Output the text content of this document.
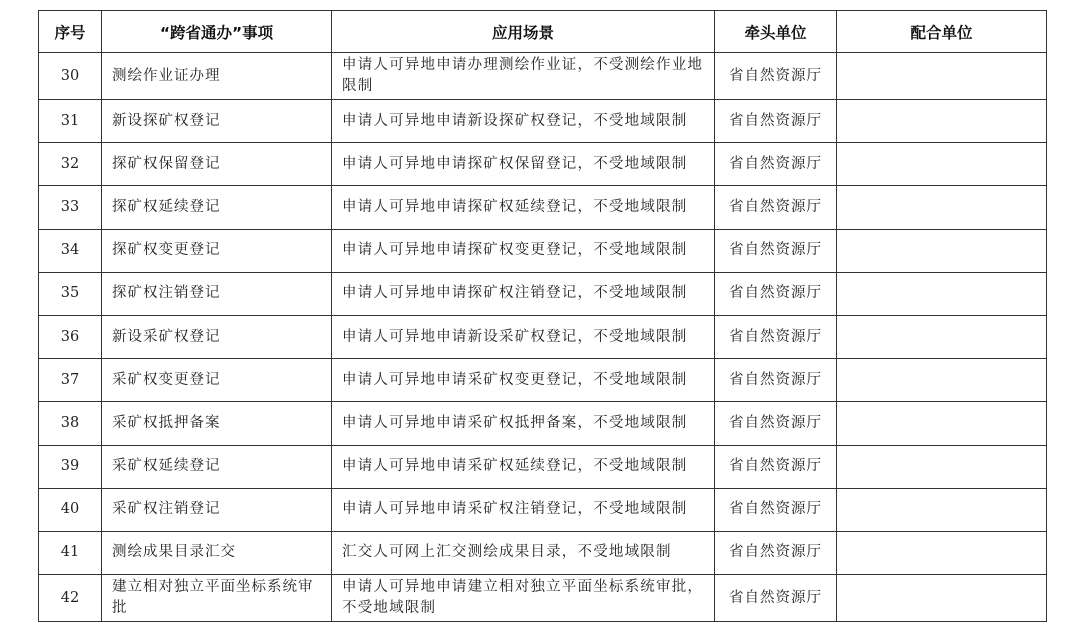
序号	“跨省通办”事项	应用场景	牵头单位	配合单位
30	测绘作业证办理	申请人可异地申请办理测绘作业证，不受测绘作业地限制	省自然资源厅	
31	新设探矿权登记	申请人可异地申请新设探矿权登记，不受地域限制	省自然资源厅	
32	探矿权保留登记	申请人可异地申请探矿权保留登记，不受地域限制	省自然资源厅	
33	探矿权延续登记	申请人可异地申请探矿权延续登记，不受地域限制	省自然资源厅	
34	探矿权变更登记	申请人可异地申请探矿权变更登记，不受地域限制	省自然资源厅	
35	探矿权注销登记	申请人可异地申请探矿权注销登记，不受地域限制	省自然资源厅	
36	新设采矿权登记	申请人可异地申请新设采矿权登记，不受地域限制	省自然资源厅	
37	采矿权变更登记	申请人可异地申请采矿权变更登记，不受地域限制	省自然资源厅	
38	采矿权抵押备案	申请人可异地申请采矿权抵押备案，不受地域限制	省自然资源厅	
39	采矿权延续登记	申请人可异地申请采矿权延续登记，不受地域限制	省自然资源厅	
40	采矿权注销登记	申请人可异地申请采矿权注销登记，不受地域限制	省自然资源厅	
41	测绘成果目录汇交	汇交人可网上汇交测绘成果目录，不受地域限制	省自然资源厅	
42	建立相对独立平面坐标系统审批	申请人可异地申请建立相对独立平面坐标系统审批，不受地域限制	省自然资源厅	
